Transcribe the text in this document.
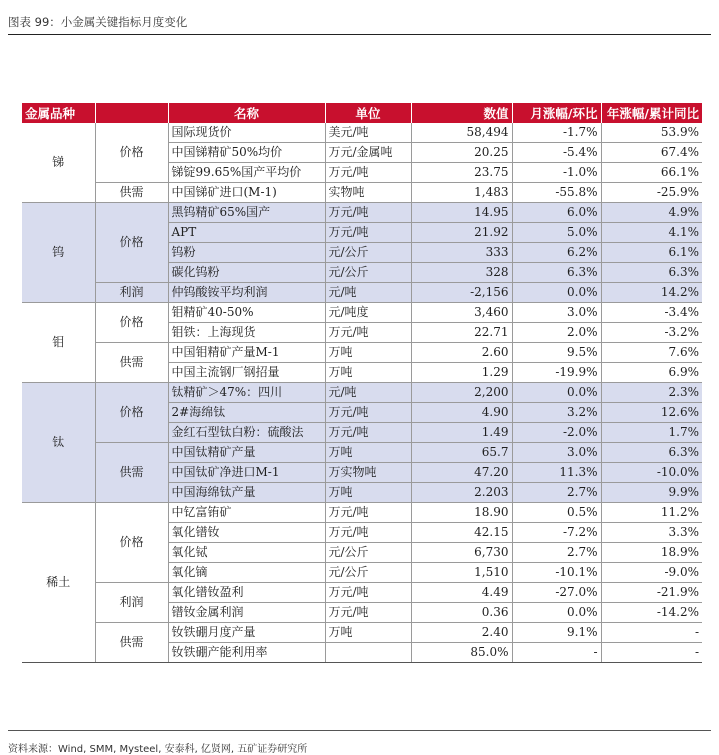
图表 99：小金属关键指标月度变化
金属品种		名称	单位	数值	月涨幅/环比	年涨幅/累计同比
锑	价格	国际现货价	美元/吨	58,494	-1.7%	53.9%
		中国锑精矿50%均价	万元/金属吨	20.25	-5.4%	67.4%
		锑锭99.65%国产平均价	万元/吨	23.75	-1.0%	66.1%
	供需	中国锑矿进口(M-1)	实物吨	1,483	-55.8%	-25.9%
钨	价格	黑钨精矿65%国产	万元/吨	14.95	6.0%	4.9%
		APT	万元/吨	21.92	5.0%	4.1%
		钨粉	元/公斤	333	6.2%	6.1%
		碳化钨粉	元/公斤	328	6.3%	6.3%
	利润	仲钨酸铵平均利润	元/吨	-2,156	0.0%	14.2%
钼	价格	钼精矿40-50%	元/吨度	3,460	3.0%	-3.4%
		钼铁：上海现货	万元/吨	22.71	2.0%	-3.2%
	供需	中国钼精矿产量M-1	万吨	2.60	9.5%	7.6%
		中国主流钢厂钢招量	万吨	1.29	-19.9%	6.9%
钛	价格	钛精矿＞47%：四川	元/吨	2,200	0.0%	2.3%
		2#海绵钛	万元/吨	4.90	3.2%	12.6%
		金红石型钛白粉：硫酸法	万元/吨	1.49	-2.0%	1.7%
	供需	中国钛精矿产量	万吨	65.7	3.0%	6.3%
		中国钛矿净进口M-1	万实物吨	47.20	11.3%	-10.0%
		中国海绵钛产量	万吨	2.203	2.7%	9.9%
稀土	价格	中钇富铕矿	万元/吨	18.90	0.5%	11.2%
		氧化镨钕	万元/吨	42.15	-7.2%	3.3%
		氧化铽	元/公斤	6,730	2.7%	18.9%
		氧化镝	元/公斤	1,510	-10.1%	-9.0%
	利润	氧化镨钕盈利	万元/吨	4.49	-27.0%	-21.9%
		镨钕金属利润	万元/吨	0.36	0.0%	-14.2%
	供需	钕铁硼月度产量	万吨	2.40	9.1%	-
		钕铁硼产能利用率		85.0%	-	-
资料来源：Wind, SMM, Mysteel, 安泰科, 亿贤网, 五矿证券研究所
